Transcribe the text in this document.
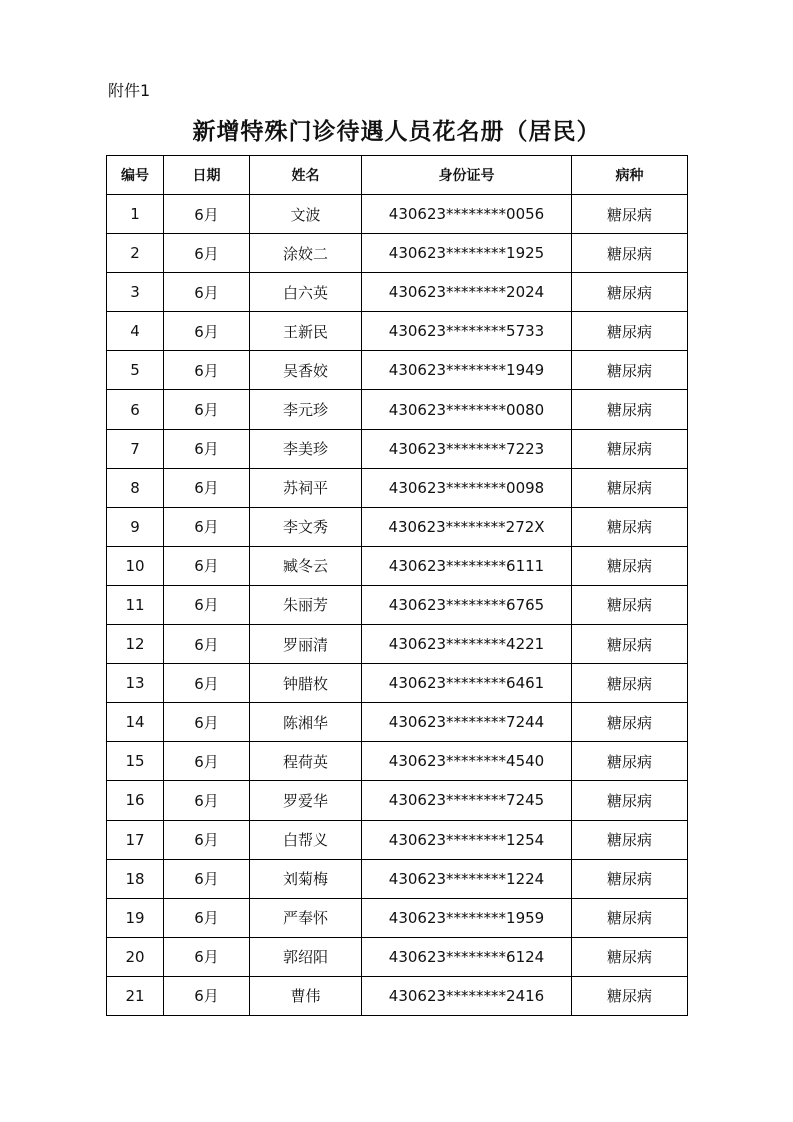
附件1
新增特殊门诊待遇人员花名册（居民）
编号	日期	姓名	身份证号	病种
1	6月	文波	430623********0056	糖尿病
2	6月	涂姣二	430623********1925	糖尿病
3	6月	白六英	430623********2024	糖尿病
4	6月	王新民	430623********5733	糖尿病
5	6月	吴香姣	430623********1949	糖尿病
6	6月	李元珍	430623********0080	糖尿病
7	6月	李美珍	430623********7223	糖尿病
8	6月	苏祠平	430623********0098	糖尿病
9	6月	李文秀	430623********272X	糖尿病
10	6月	臧冬云	430623********6111	糖尿病
11	6月	朱丽芳	430623********6765	糖尿病
12	6月	罗丽清	430623********4221	糖尿病
13	6月	钟腊枚	430623********6461	糖尿病
14	6月	陈湘华	430623********7244	糖尿病
15	6月	程荷英	430623********4540	糖尿病
16	6月	罗爱华	430623********7245	糖尿病
17	6月	白帮义	430623********1254	糖尿病
18	6月	刘菊梅	430623********1224	糖尿病
19	6月	严奉怀	430623********1959	糖尿病
20	6月	郭绍阳	430623********6124	糖尿病
21	6月	曹伟	430623********2416	糖尿病
